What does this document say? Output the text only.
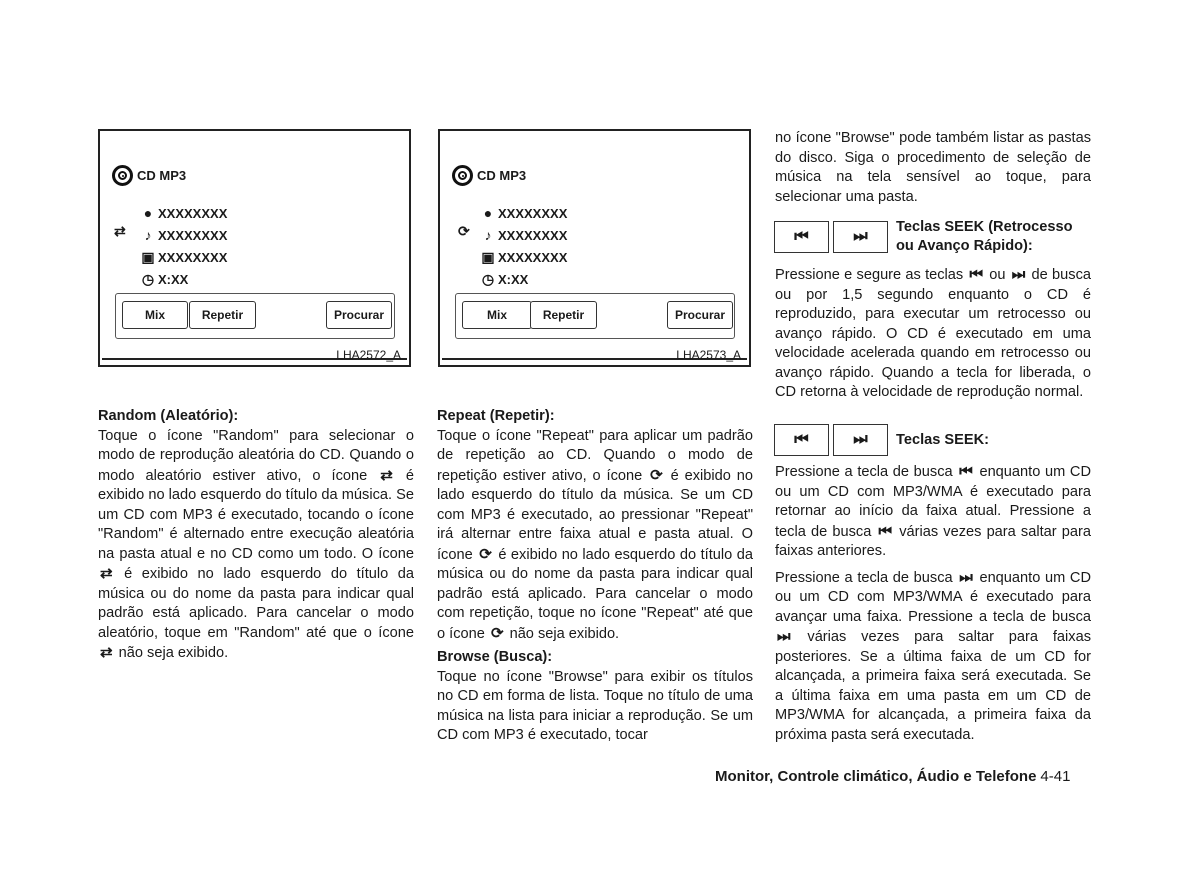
CD MP3
⇄
● XXXXXXXX
♪ XXXXXXXX
▣ XXXXXXXX
◷ X:XX
Mix	Repetir	Procurar
LHA2572_A
CD MP3
⟳
● XXXXXXXX
♪ XXXXXXXX
▣ XXXXXXXX
◷ X:XX
Mix	Repetir	Procurar
LHA2573_A
Random (Aleatório):

Toque o ícone "Random" para selecionar o modo de reprodução aleatória do CD. Quando o modo aleatório estiver ativo, o ícone ⇄ é exibido no lado esquerdo do título da música. Se um CD com MP3 é executado, tocando o ícone "Random" é alternado entre execução aleatória na pasta atual e no CD como um todo. O ícone ⇄ é exibido no lado esquerdo do título da música ou do nome da pasta para indicar qual padrão está aplicado. Para cancelar o modo aleatório, toque em "Random" até que o ícone ⇄ não seja exibido.

Repeat (Repetir):

Toque o ícone "Repeat" para aplicar um padrão de repetição ao CD. Quando o modo de repetição estiver ativo, o ícone ⟳ é exibido no lado esquerdo do título da música. Se um CD com MP3 é executado, ao pressionar "Repeat" irá alternar entre faixa atual e pasta atual. O ícone ⟳ é exibido no lado esquerdo do título da música ou do nome da pasta para indicar qual padrão está aplicado. Para cancelar o modo com repetição, toque no ícone "Repeat" até que o ícone ⟳ não seja exibido.

Browse (Busca):

Toque no ícone "Browse" para exibir os títulos no CD em forma de lista. Toque no título de uma música na lista para iniciar a reprodução. Se um CD com MP3 é executado, tocar

no ícone "Browse" pode também listar as pastas do disco. Siga o procedimento de seleção de música na tela sensível ao toque, para selecionar uma pasta.

⏮	⏭
Teclas SEEK (Retrocesso ou Avanço Rápido):

Pressione e segure as teclas ⏮ ou ⏭ de busca ou por 1,5 segundo enquanto o CD é reproduzido, para executar um retrocesso ou avanço rápido. O CD é executado em uma velocidade acelerada quando em retrocesso ou avanço rápido. Quando a tecla for liberada, o CD retorna à velocidade de reprodução normal.

⏮	⏭	Teclas SEEK:

Pressione a tecla de busca ⏮ enquanto um CD ou um CD com MP3/WMA é executado para retornar ao início da faixa atual. Pressione a tecla de busca ⏮ várias vezes para saltar para faixas anteriores.

Pressione a tecla de busca ⏭ enquanto um CD ou um CD com MP3/WMA é executado para avançar uma faixa. Pressione a tecla de busca ⏭ várias vezes para saltar para faixas posteriores. Se a última faixa de um CD for alcançada, a primeira faixa será executada. Se a última faixa em uma pasta em um CD de MP3/WMA for alcançada, a primeira faixa da próxima pasta será executada.

Monitor, Controle climático, Áudio e Telefone 4-41
